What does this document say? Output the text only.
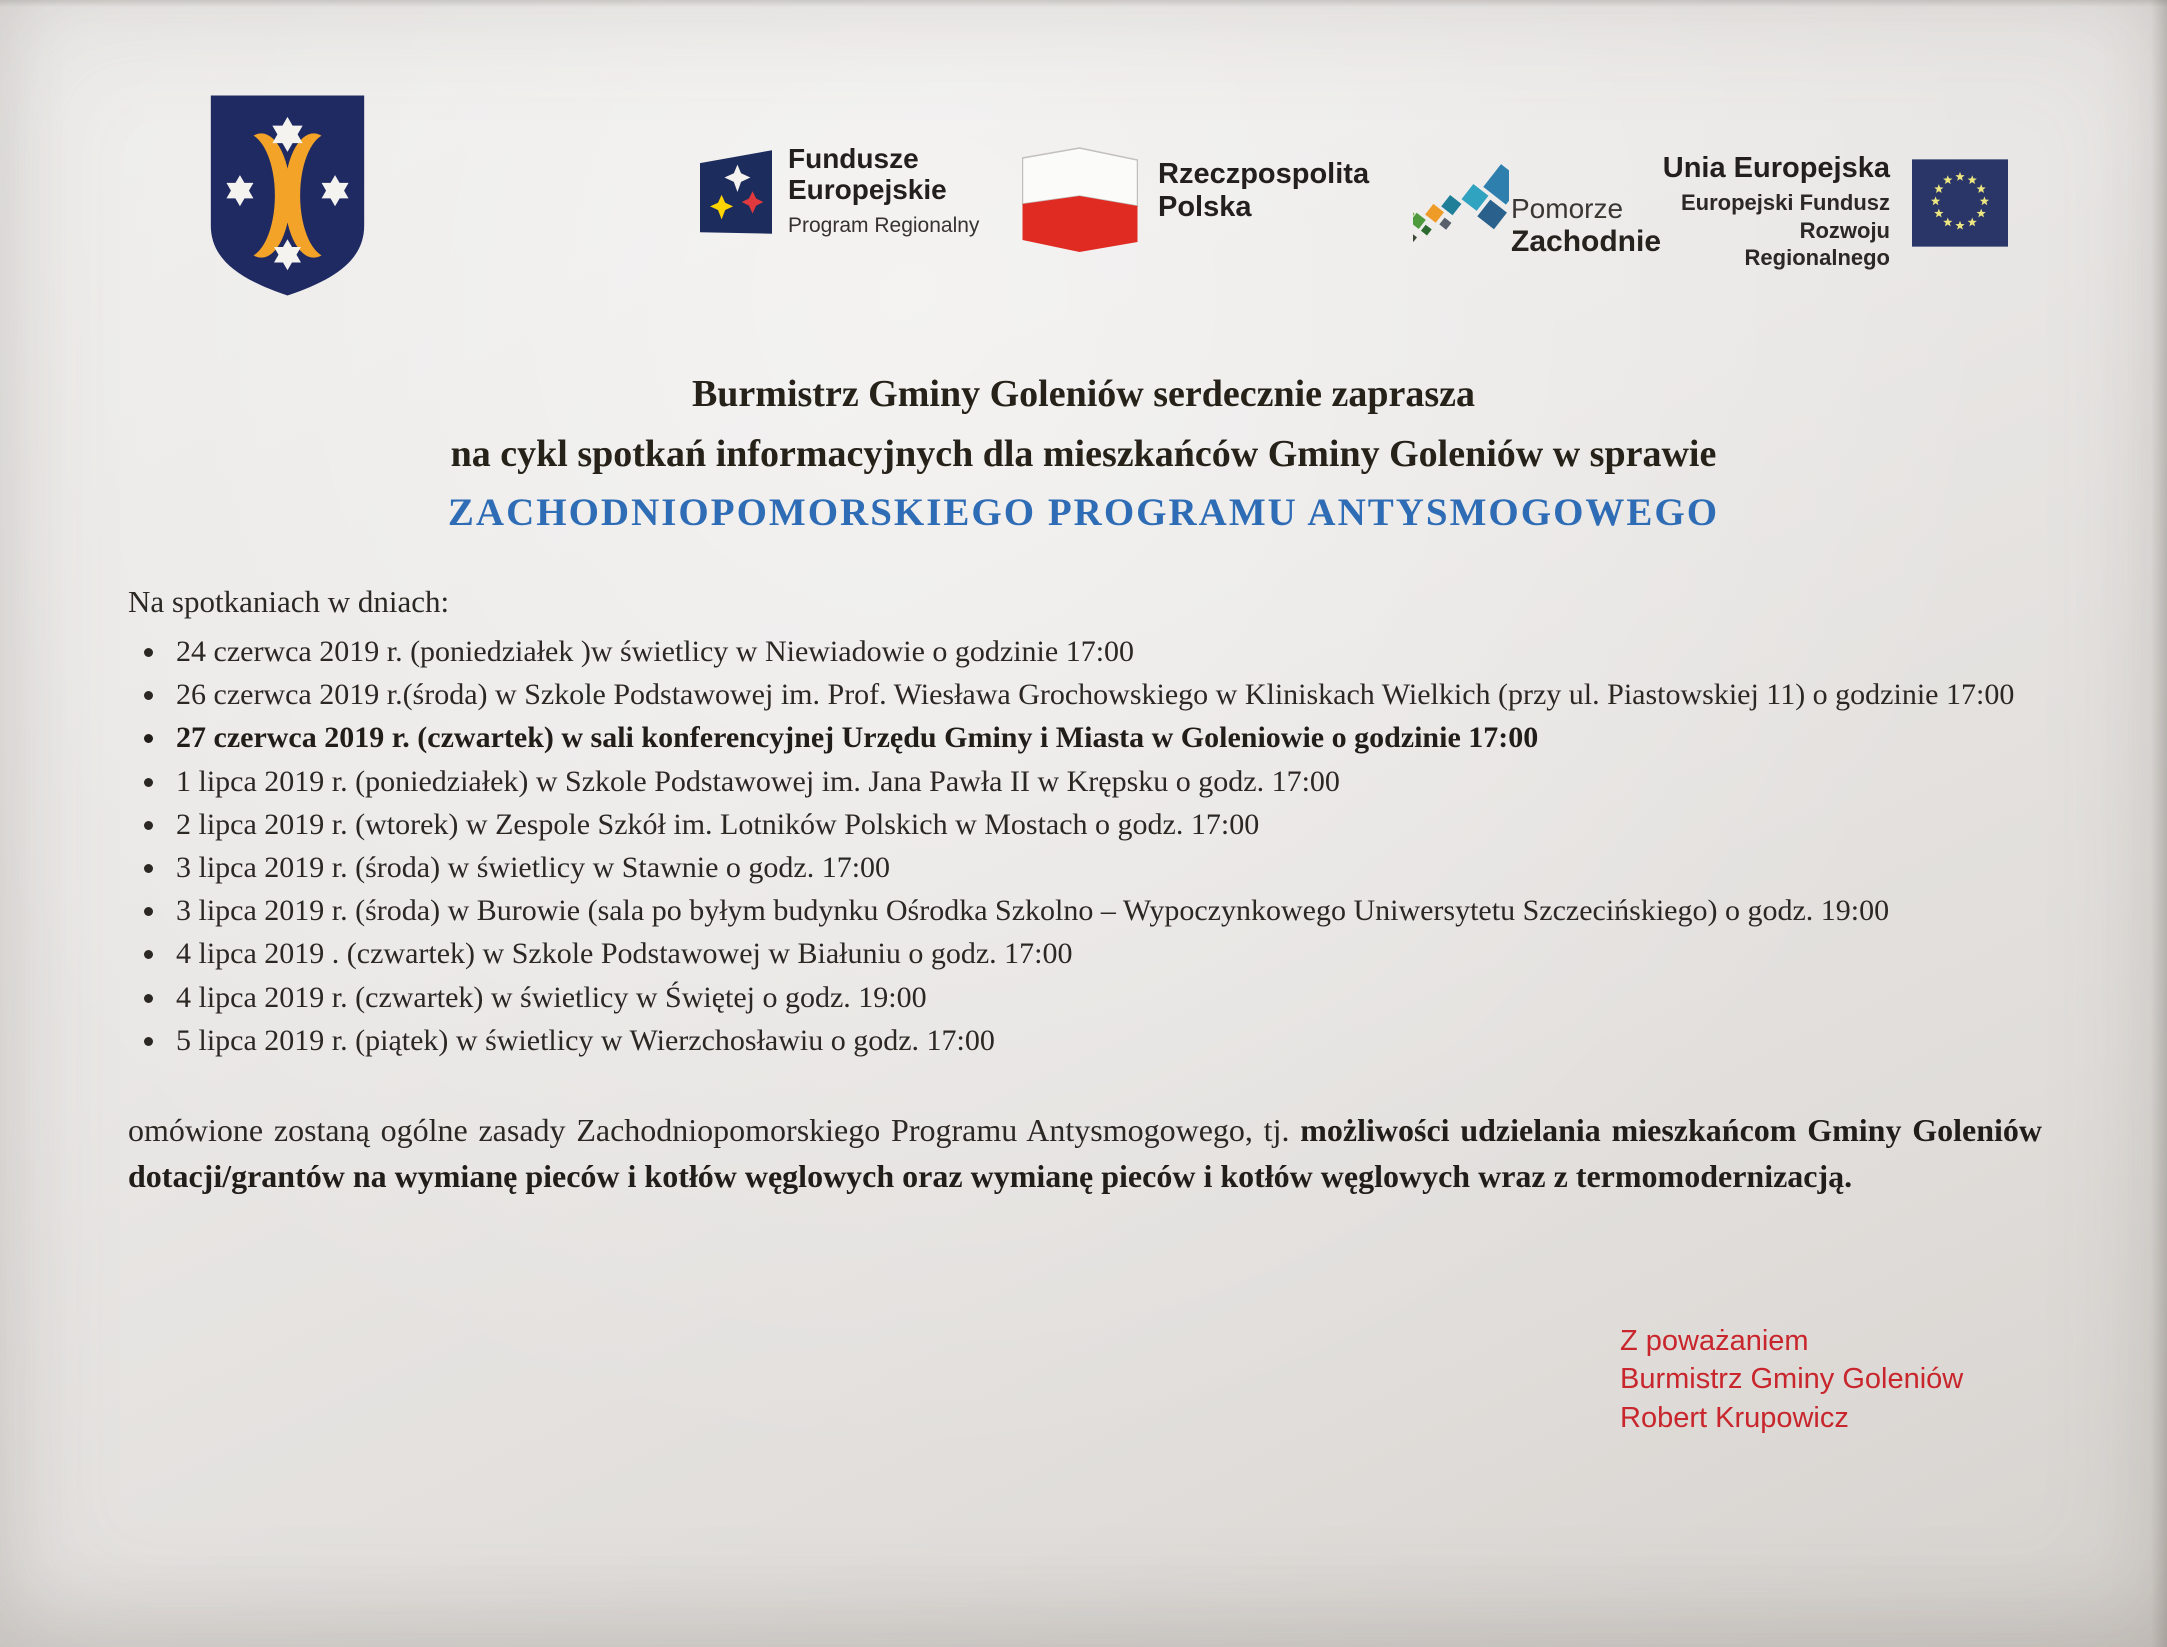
Fundusze
Europejskie
Program Regionalny
Rzeczpospolita
Polska	Pomorze
Zachodnie
Unia Europejska
Europejski Fundusz
Rozwoju Regionalnego
Burmistrz Gminy Goleniów serdecznie zaprasza
na cykl spotkań informacyjnych dla mieszkańców Gminy Goleniów w sprawie
ZACHODNIOPOMORSKIEGO PROGRAMU ANTYSMOGOWEGO

Na spotkaniach w dniach:

• 24 czerwca 2019 r. (poniedziałek )w świetlicy w Niewiadowie o godzinie 17:00
• 26 czerwca 2019 r.(środa) w Szkole Podstawowej im. Prof. Wiesława Grochowskiego w Kliniskach Wielkich (przy ul. Piastowskiej 11) o godzinie 17:00
• 27 czerwca 2019 r. (czwartek) w sali konferencyjnej Urzędu Gminy i Miasta w Goleniowie o godzinie 17:00
• 1 lipca 2019 r. (poniedziałek) w Szkole Podstawowej im. Jana Pawła II w Krępsku o godz. 17:00
• 2 lipca 2019 r. (wtorek) w Zespole Szkół im. Lotników Polskich w Mostach o godz. 17:00
• 3 lipca 2019 r. (środa) w świetlicy w Stawnie o godz. 17:00
• 3 lipca 2019 r. (środa) w Burowie (sala po byłym budynku Ośrodka Szkolno – Wypoczynkowego Uniwersytetu Szczecińskiego) o godz. 19:00
• 4 lipca 2019 . (czwartek) w Szkole Podstawowej w Białuniu o godz. 17:00
• 4 lipca 2019 r. (czwartek) w świetlicy w Świętej o godz. 19:00
• 5 lipca 2019 r. (piątek) w świetlicy w Wierzchosławiu o godz. 17:00

omówione zostaną ogólne zasady Zachodniopomorskiego Programu Antysmogowego, tj. możliwości udzielania mieszkańcom Gminy Goleniów dotacji/grantów na wymianę pieców i kotłów węglowych oraz wymianę pieców i kotłów węglowych wraz z termomodernizacją.

Z poważaniem
Burmistrz Gminy Goleniów
Robert Krupowicz
